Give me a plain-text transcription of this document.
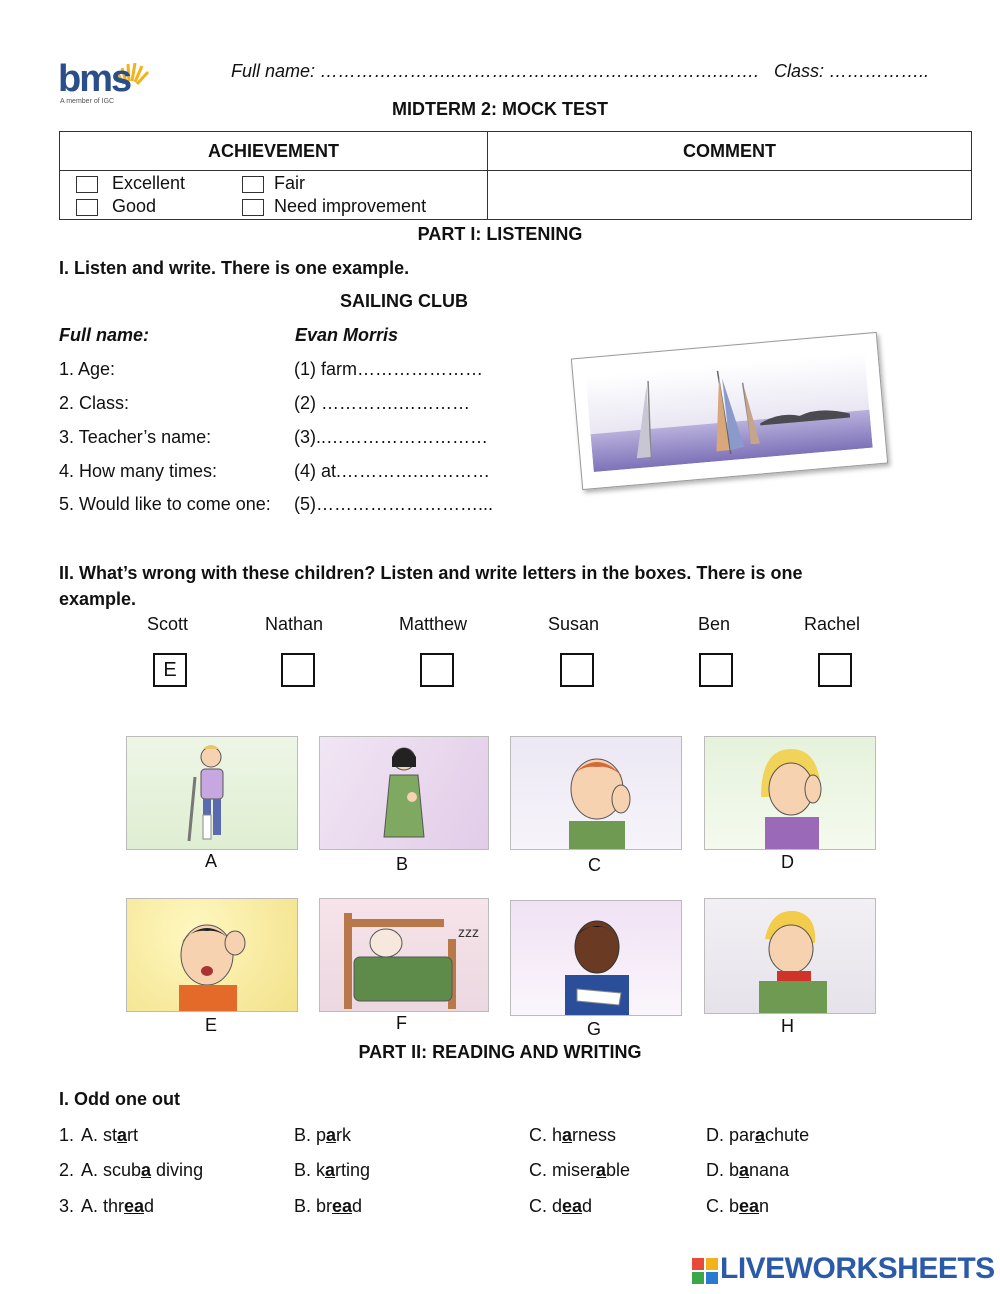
bms
A member of IGC
Full name: …………………..……………….…………………….……. Class: ……………..
MIDTERM 2: MOCK TEST
ACHIEVEMENT	COMMENT

Excellent Fair
Good Need improvement	

PART I: LISTENING
I. Listen and write. There is one example.
SAILING CLUB
Full name:	Evan Morris
1. Age:	(1) farm…………………
2. Class:	(2) ………….…………
3. Teacher’s name:	(3)..………………………
4. How many times:	(4) at.………….…………
5. Would like to come one: (5)………………………...
II. What’s wrong with these children? Listen and write letters in the boxes. There is one
example.
Scott	Nathan	Matthew	Susan	Ben	Rachel
E
A	B	C	D
zzz
E	F	G	H
PART II: READING AND WRITING
I. Odd one out
1. A. start	B. park	C. harness	D. parachute
2. A. scuba diving	B. karting	C. miserable	D. banana
3. A. thread	B. bread	C. dead	C. bean
LIVEWORKSHEETS
